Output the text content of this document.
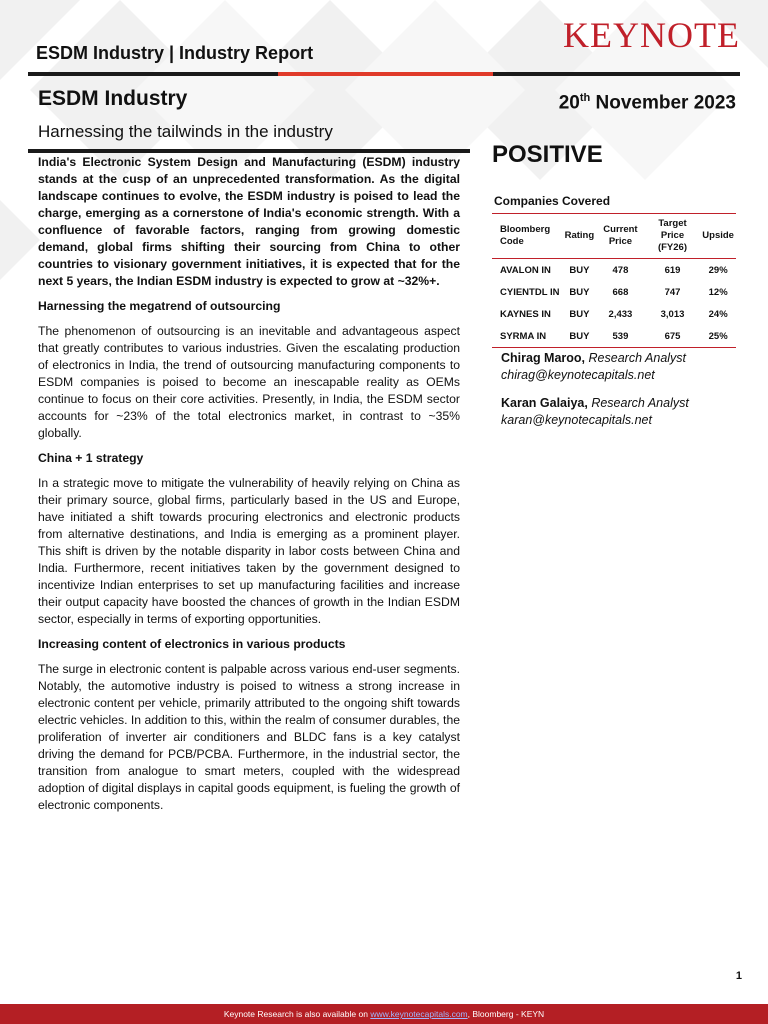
ESDM Industry | Industry Report	KEYNOTE
ESDM Industry	20th November 2023
Harnessing the tailwinds in the industry

India's Electronic System Design and Manufacturing (ESDM) industry stands at the cusp of an unprecedented transformation. As the digital landscape continues to evolve, the ESDM industry is poised to lead the charge, emerging as a cornerstone of India's economic strength. With a confluence of favorable factors, ranging from growing domestic demand, global firms shifting their sourcing from China to other countries to visionary government initiatives, it is expected that for the next 5 years, the Indian ESDM industry is expected to grow at ~32%+.

Harnessing the megatrend of outsourcing

The phenomenon of outsourcing is an inevitable and advantageous aspect that greatly contributes to various industries. Given the escalating production of electronics in India, the trend of outsourcing manufacturing components to ESDM companies is poised to become an inescapable reality as OEMs continue to focus on their core activities. Presently, in India, the ESDM sector accounts for ~23% of the total electronics market, in contrast to ~35% globally.

China + 1 strategy

In a strategic move to mitigate the vulnerability of heavily relying on China as their primary source, global firms, particularly based in the US and Europe, have initiated a shift towards procuring electronics and electronic products from alternative destinations, and India is emerging as a prominent player. This shift is driven by the notable disparity in labor costs between China and India. Furthermore, recent initiatives taken by the government designed to incentivize Indian enterprises to set up manufacturing facilities and increase their output capacity have boosted the chances of growth in the Indian ESDM sector, especially in terms of exporting opportunities.

Increasing content of electronics in various products

The surge in electronic content is palpable across various end-user segments. Notably, the automotive industry is poised to witness a strong increase in electronic content per vehicle, primarily attributed to the ongoing shift towards electric vehicles. In addition to this, within the realm of consumer durables, the proliferation of inverter air conditioners and BLDC fans is a key catalyst driving the demand for PCB/PCBA. Furthermore, in the industrial sector, the transition from analogue to smart meters, coupled with the widespread adoption of digital displays in capital goods equipment, is fueling the growth of electronic components.

POSITIVE
Companies Covered
Bloomberg Code	Rating	Current Price	Target Price (FY26)	Upside
AVALON IN	BUY	478	619	29%
CYIENTDL IN	BUY	668	747	12%
KAYNES IN	BUY	2,433	3,013	24%
SYRMA IN	BUY	539	675	25%
Chirag Maroo, Research Analyst
chirag@keynotecapitals.net
Karan Galaiya, Research Analyst
karan@keynotecapitals.net
1
Keynote Research is also available on www.keynotecapitals.com, Bloomberg - KEYN
